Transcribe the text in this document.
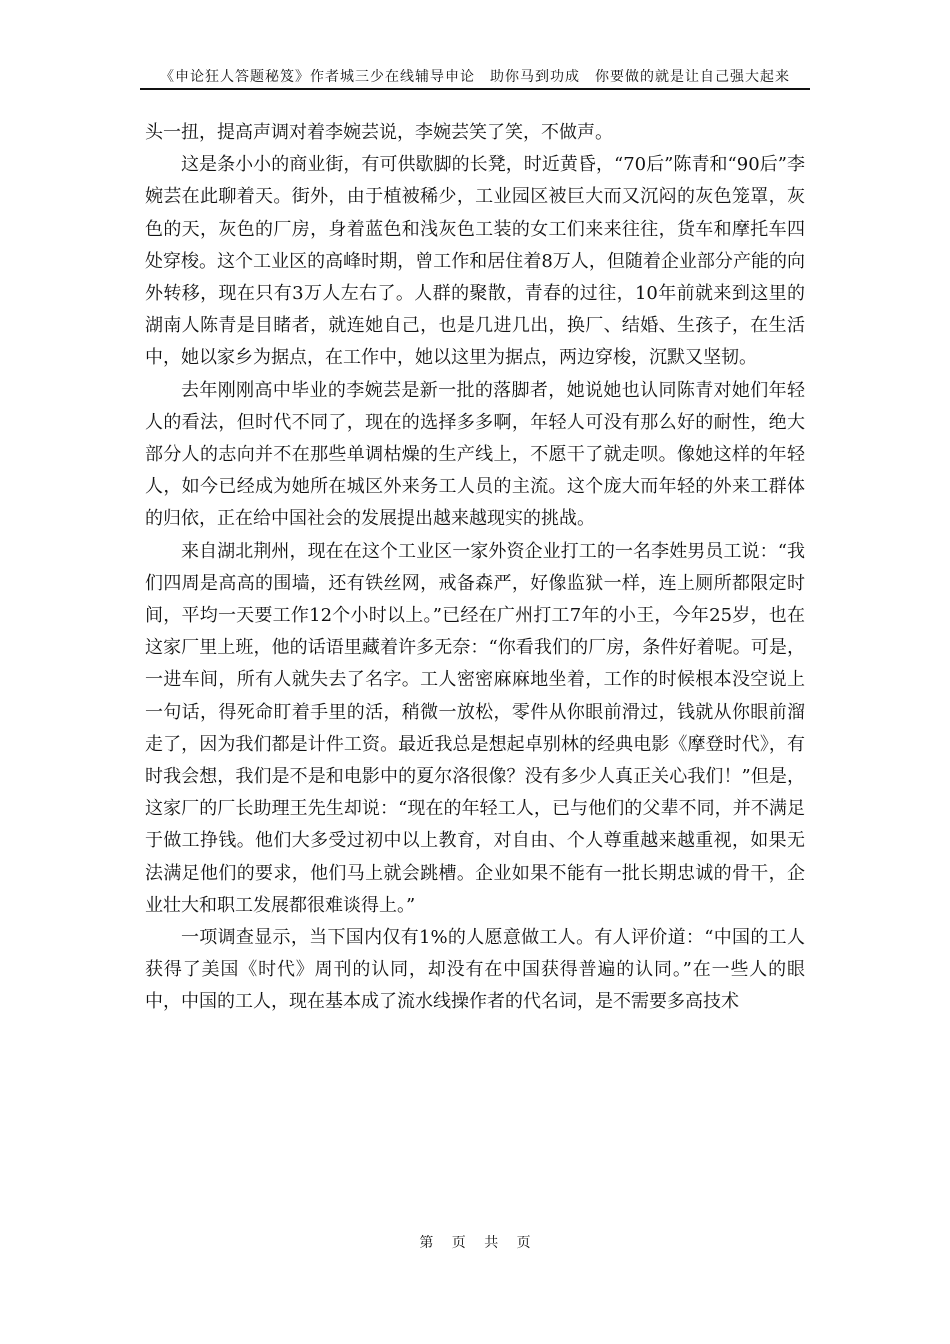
《申论狂人答题秘笈》作者城三少在线辅导申论　助你马到功成　你要做的就是让自己强大起来

头一扭，提高声调对着李婉芸说，李婉芸笑了笑，不做声。

这是条小小的商业街，有可供歇脚的长凳，时近黄昏，“70后”陈青和“90后”李婉芸在此聊着天。街外，由于植被稀少，工业园区被巨大而又沉闷的灰色笼罩，灰色的天，灰色的厂房，身着蓝色和浅灰色工装的女工们来来往往，货车和摩托车四处穿梭。这个工业区的高峰时期，曾工作和居住着8万人，但随着企业部分产能的向外转移，现在只有3万人左右了。人群的聚散，青春的过往，10年前就来到这里的湖南人陈青是目睹者，就连她自己，也是几进几出，换厂、结婚、生孩子，在生活中，她以家乡为据点，在工作中，她以这里为据点，两边穿梭，沉默又坚韧。

去年刚刚高中毕业的李婉芸是新一批的落脚者，她说她也认同陈青对她们年轻人的看法，但时代不同了，现在的选择多多啊，年轻人可没有那么好的耐性，绝大部分人的志向并不在那些单调枯燥的生产线上，不愿干了就走呗。像她这样的年轻人，如今已经成为她所在城区外来务工人员的主流。这个庞大而年轻的外来工群体的归依，正在给中国社会的发展提出越来越现实的挑战。

来自湖北荆州，现在在这个工业区一家外资企业打工的一名李姓男员工说：“我们四周是高高的围墙，还有铁丝网，戒备森严，好像监狱一样，连上厕所都限定时间，平均一天要工作12个小时以上。”已经在广州打工7年的小王，今年25岁，也在这家厂里上班，他的话语里藏着许多无奈：“你看我们的厂房，条件好着呢。可是，一进车间，所有人就失去了名字。工人密密麻麻地坐着，工作的时候根本没空说上一句话，得死命盯着手里的活，稍微一放松，零件从你眼前滑过，钱就从你眼前溜走了，因为我们都是计件工资。最近我总是想起卓别林的经典电影《摩登时代》，有时我会想，我们是不是和电影中的夏尔洛很像？没有多少人真正关心我们！”但是，这家厂的厂长助理王先生却说：“现在的年轻工人，已与他们的父辈不同，并不满足于做工挣钱。他们大多受过初中以上教育，对自由、个人尊重越来越重视，如果无法满足他们的要求，他们马上就会跳槽。企业如果不能有一批长期忠诚的骨干，企业壮大和职工发展都很难谈得上。”

一项调查显示，当下国内仅有1%的人愿意做工人。有人评价道：“中国的工人获得了美国《时代》周刊的认同，却没有在中国获得普遍的认同。”在一些人的眼中，中国的工人，现在基本成了流水线操作者的代名词，是不需要多高技术

第 页 共 页
